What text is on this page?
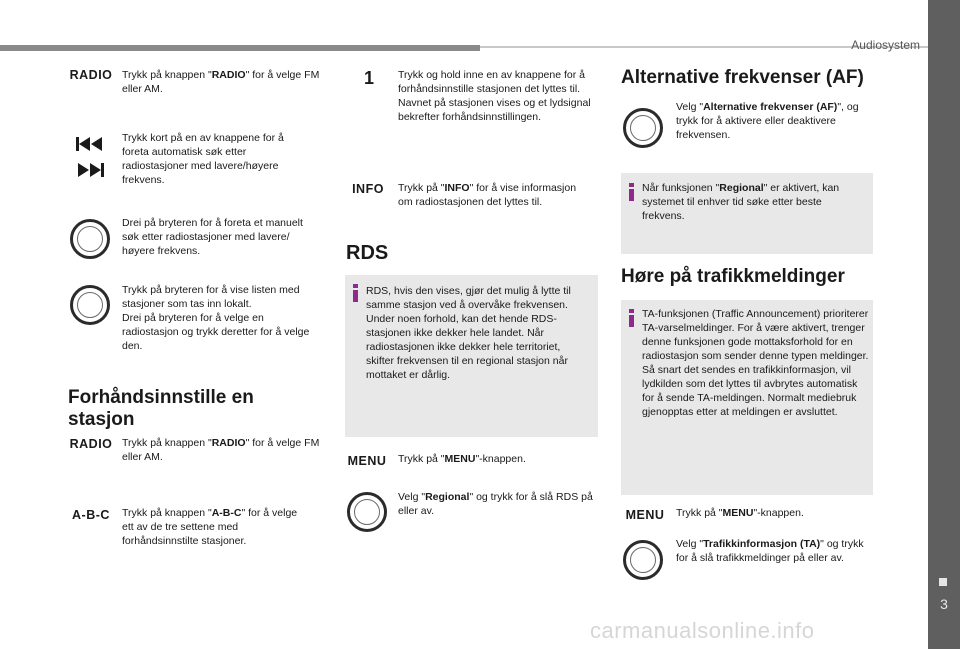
Audiosystem
3
RADIO Trykk på knappen "RADIO" for å velge FM eller AM.
Trykk kort på en av knappene for å foreta automatisk søk etter radiostasjoner med lavere/høyere frekvens.
Drei på bryteren for å foreta et manuelt søk etter radiostasjoner med lavere/ høyere frekvens.
Trykk på bryteren for å vise listen med stasjoner som tas inn lokalt.
Drei på bryteren for å velge en radiostasjon og trykk deretter for å velge den.
Forhåndsinnstille en stasjon
RADIO Trykk på knappen "RADIO" for å velge FM eller AM.
A-B-C	Trykk på knappen "A-B-C" for å velge ett av de tre settene med forhåndsinnstilte stasjoner.
1	Trykk og hold inne en av knappene for å forhåndsinnstille stasjonen det lyttes til. Navnet på stasjonen vises og et lydsignal bekrefter forhåndsinnstillingen.
INFO	Trykk på "INFO" for å vise informasjon om radiostasjonen det lyttes til.
RDS
RDS, hvis den vises, gjør det mulig å lytte til samme stasjon ved å overvåke frekvensen. Under noen forhold, kan det hende RDS-stasjonen ikke dekker hele landet. Når radiostasjonen ikke dekker hele territoriet, skifter frekvensen til en regional stasjon når mottaket er dårlig.
MENU	Trykk på "MENU"-knappen.
Velg "Regional" og trykk for å slå RDS på eller av.
Alternative frekvenser (AF)
Velg "Alternative frekvenser (AF)", og trykk for å aktivere eller deaktivere frekvensen.
Når funksjonen "Regional" er aktivert, kan systemet til enhver tid søke etter beste frekvens.
Høre på trafikkmeldinger
TA-funksjonen (Traffic Announcement) prioriterer TA-varselmeldinger. For å være aktivert, trenger denne funksjonen gode mottaksforhold for en radiostasjon som sender denne typen meldinger. Så snart det sendes en trafikkinformasjon, vil lydkilden som det lyttes til avbrytes automatisk for å sende TA-meldingen. Normalt mediebruk gjenopptas etter at meldingen er avsluttet.
MENU	Trykk på "MENU"-knappen.
Velg "Trafikkinformasjon (TA)" og trykk for å slå trafikkmeldinger på eller av.
carmanualsonline.info
